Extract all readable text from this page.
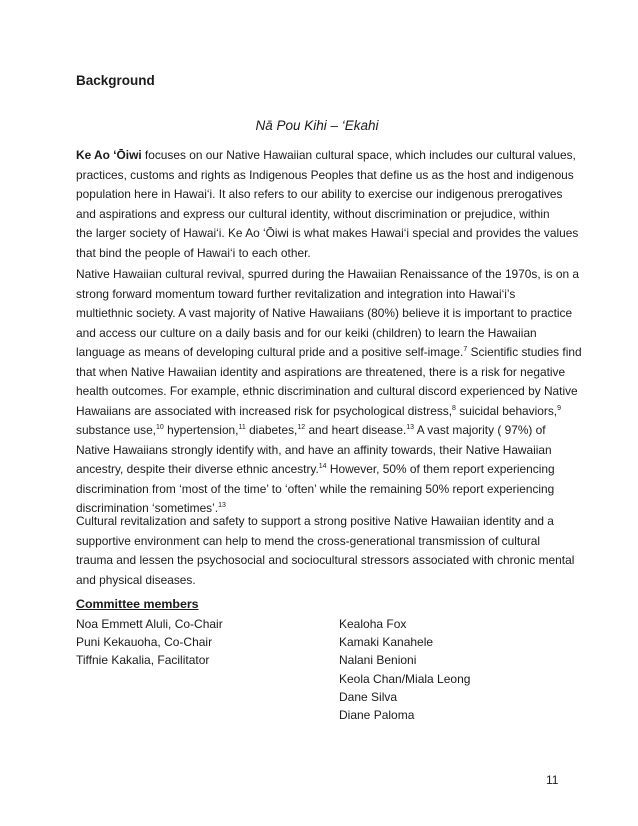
Background
Nā Pou Kihi – ‘Ekahi
Ke Ao ‘Ōiwi focuses on our Native Hawaiian cultural space, which includes our cultural values,
practices, customs and rights as Indigenous Peoples that define us as the host and indigenous
population here in Hawai‘i. It also refers to our ability to exercise our indigenous prerogatives
and aspirations and express our cultural identity, without discrimination or prejudice, within
the larger society of Hawai‘i. Ke Ao ‘Ōiwi is what makes Hawai‘i special and provides the values
that bind the people of Hawai‘i to each other.
Native Hawaiian cultural revival, spurred during the Hawaiian Renaissance of the 1970s, is on a
strong forward momentum toward further revitalization and integration into Hawai‘i’s
multiethnic society. A vast majority of Native Hawaiians (80%) believe it is important to practice
and access our culture on a daily basis and for our keiki (children) to learn the Hawaiian
language as means of developing cultural pride and a positive self-image.$^7$ Scientific studies find
that when Native Hawaiian identity and aspirations are threatened, there is a risk for negative
health outcomes. For example, ethnic discrimination and cultural discord experienced by Native
Hawaiians are associated with increased risk for psychological distress,$^8$ suicidal behaviors,$^9$
substance use,$^{10}$ hypertension,$^{11}$ diabetes,$^{12}$ and heart disease.$^{13}$ A vast majority ( 97%) of
Native Hawaiians strongly identify with, and have an affinity towards, their Native Hawaiian
ancestry, despite their diverse ethnic ancestry.$^{14}$ However, 50% of them report experiencing
discrimination from ‘most of the time’ to ‘often’ while the remaining 50% report experiencing
discrimination ‘sometimes’.$^{13}$
Cultural revitalization and safety to support a strong positive Native Hawaiian identity and a
supportive environment can help to mend the cross-generational transmission of cultural
trauma and lessen the psychosocial and sociocultural stressors associated with chronic mental
and physical diseases.
Committee members
Noa Emmett Aluli, Co-Chair
Puni Kekauoha, Co-Chair
Tiffnie Kakalia, Facilitator
Kealoha Fox
Kamaki Kanahele
Nalani Benioni
Keola Chan/Miala Leong
Dane Silva
Diane Paloma
11
